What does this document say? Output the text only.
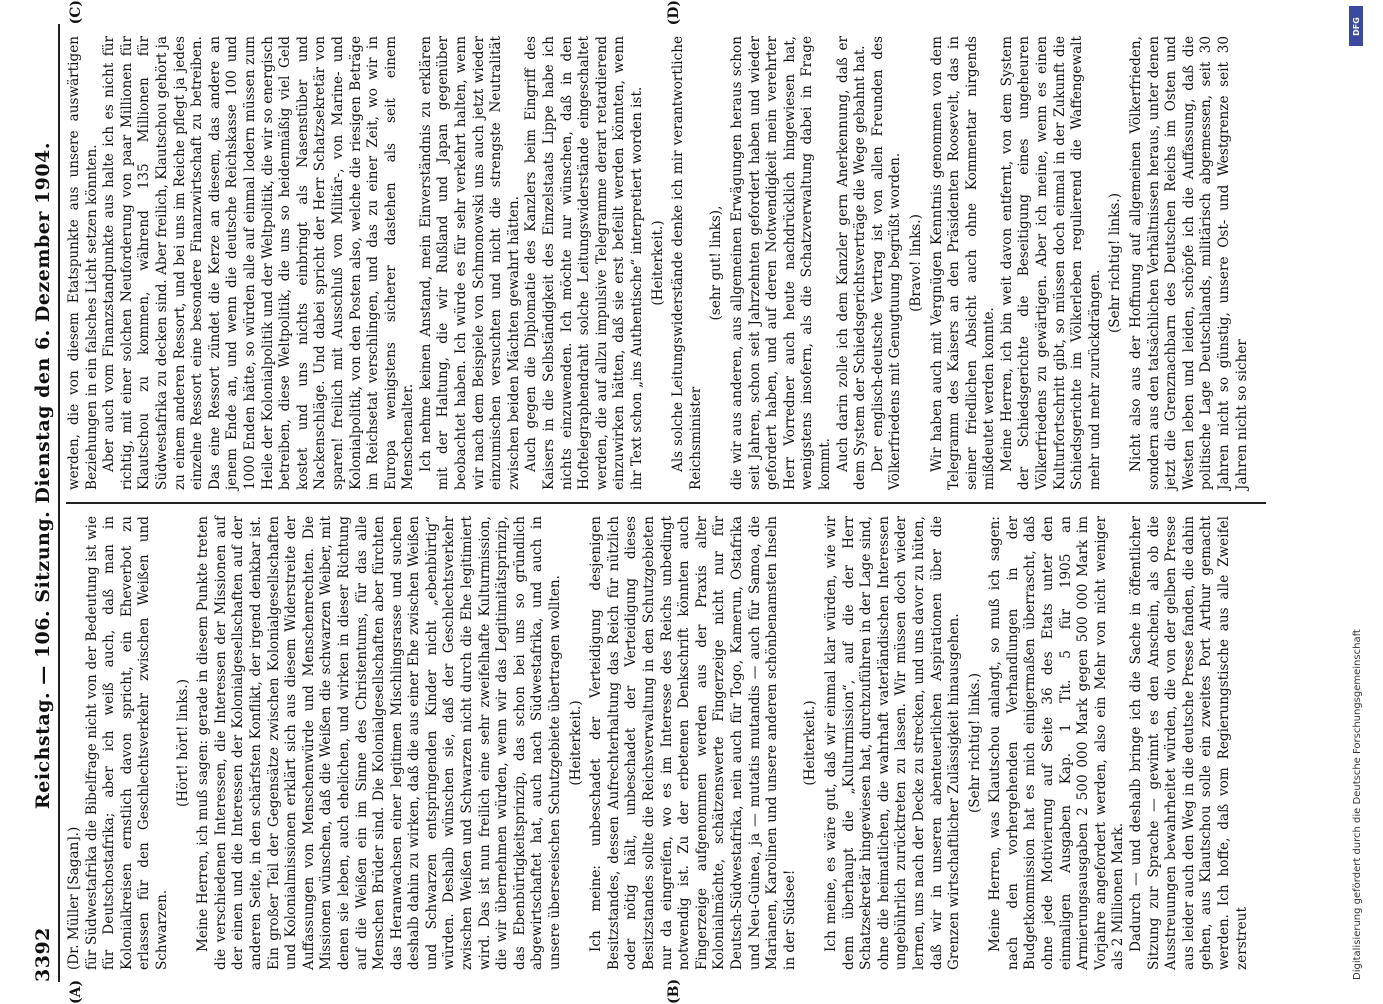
3392
Reichstag. — 106. Sitzung. Dienstag den 6. Dezember 1904.
(A)	(B)

(Dr. Müller [Sagan].) für Südwestafrika die Bibelfrage nicht von der Bedeutung ist wie für Deutschostafrika; aber ich weiß auch, daß man in Kolonialkreisen ernstlich davon spricht, ein Eheverbot zu erlassen für den Geschlechtsverkehr zwischen Weißen und Schwarzen.

(Hört! hört! links.) Meine Herren, ich muß sagen: gerade in diesem Punkte treten die verschiedenen Interessen, die Interessen der Missionen auf der einen und die Interessen der Kolonialgesellschaften auf der anderen Seite, in den schärfsten Konflikt, der irgend denkbar ist. Ein großer Teil der Gegensätze zwischen Kolonialgesellschaften und Kolonialmissionen erklärt sich aus diesem Widerstreite der Auffassungen von Menschenwürde und Menschenrechten. Die Missionen wünschen, daß die Weißen die schwarzen Weiber, mit denen sie leben, auch ehelichen, und wirken in dieser Richtung auf die Weißen ein im Sinne des Christentums, für das alle Menschen Brüder sind. Die Kolonialgesellschaften aber fürchten das Heranwachsen einer legitimen Mischlingsrasse und suchen deshalb dahin zu wirken, daß die aus einer Ehe zwischen Weißen und Schwarzen entspringenden Kinder nicht „ebenbürtig“ würden. Deshalb wünschen sie, daß der Geschlechtsverkehr zwischen Weißen und Schwarzen nicht durch die Ehe legitimiert wird. Das ist nun freilich eine sehr zweifelhafte Kulturmission, die wir übernehmen würden, wenn wir das Legitimitätsprinzip, das Ebenbürtigkeitsprinzip, das schon bei uns so gründlich abgewirtschaftet hat, auch nach Südwestafrika, und auch in unsere überseeischen Schutzgebiete übertragen wollten. (Heiterkeit.) Ich meine: unbeschadet der Verteidigung desjenigen Besitzstandes, dessen Aufrechterhaltung das Reich für nützlich oder nötig hält, unbeschadet der Verteidigung dieses Besitzstandes sollte die Reichsverwaltung in den Schutzgebieten nur da eingreifen, wo es im Interesse des Reichs unbedingt notwendig ist. Zu der erbetenen Denkschrift könnten auch Fingerzeige aufgenommen werden aus der Praxis alter Kolonialmächte, schätzenswerte Fingerzeige nicht nur für Deutsch-Südwestafrika, nein auch für Togo, Kamerun, Ostafrika und Neu-Guinea, ja — mutatis mutandis — auch für Samoa, die Marianen, Karolinen und unsere anderen schönbenamsten Inseln in der Südsee!

(Heiterkeit.) Ich meine, es wäre gut, daß wir einmal klar würden, wie wir denn überhaupt die „Kulturmission“, auf die der Herr Schatzsekretär hingewiesen hat, durchzuführen in der Lage sind, ohne die heimatlichen, die wahrhaft vaterländischen Interessen ungebührlich zurücktreten zu lassen. Wir müssen doch wieder lernen, uns nach der Decke zu strecken, und uns davor zu hüten, daß wir in unseren abenteuerlichen Aspirationen über die Grenzen wirtschaftlicher Zulässigkeit hinausgehen. (Sehr richtig! links.) Meine Herren, was Klautschou anlangt, so muß ich sagen: nach den vorhergehenden Verhandlungen in der Budgetkommission hat es mich einigermaßen überrascht, daß ohne jede Motivierung auf Seite 36 des Etats unter den einmaligen Ausgaben Kap. 1 Tit. 5 für 1905 an Armierungsausgaben 2 500 000 Mark gegen 500 000 Mark im Vorjahre angefordert werden, also ein Mehr von nicht weniger als 2 Millionen Mark. Dadurch — und deshalb bringe ich die Sache in öffentlicher Sitzung zur Sprache — gewinnt es den Anschein, als ob die Ausstreuungen bewahrheitet würden, die von der gelben Presse aus leider auch den Weg in die deutsche Presse fanden, die dahin gehen, aus Klautschou solle ein zweites Port Arthur gemacht werden. Ich hoffe, daß vom Regierungstische aus alle Zweifel zerstreut

(C)	(D)

werden, die von diesem Etatspunkte aus unsere auswärtigen Beziehungen in ein falsches Licht setzen könnten. Aber auch vom Finanzstandpunkte aus halte ich es nicht für richtig, mit einer solchen Neuforderung von paar Millionen für Klautschou zu kommen, während 135 Millionen für Südwestafrika zu decken sind. Aber freilich, Klautschou gehört ja zu einem anderen Ressort, und bei uns im Reiche pflegt ja jedes einzelne Ressort eine besondere Finanzwirtschaft zu betreiben. Das eine Ressort zündet die Kerze an diesem, das andere an jenem Ende an, und wenn die deutsche Reichskasse 100 und 1000 Enden hätte, so würden alle auf einmal lodern müssen zum Heile der Kolonialpolitik und der Weltpolitik, die wir so energisch betreiben, diese Weltpolitik, die uns so heidenmäßig viel Geld kostet und uns nichts einbringt als Nasenstüber und Nackenschläge. Und dabei spricht der Herr Schatzsekretär von sparen! freilich mit Ausschluß von Militär-, von Marine- und Kolonialpolitik, von den Posten also, welche die riesigen Beträge im Reichsetat verschlingen, und das zu einer Zeit, wo wir in Europa wenigstens sicherer dastehen als seit einem Menschenalter. Ich nehme keinen Anstand, mein Einverständnis zu erklären mit der Haltung, die wir Rußland und Japan gegenüber beobachtet haben. Ich würde es für sehr verkehrt halten, wenn wir nach dem Beispiele von Schmonowski uns auch jetzt wieder einzumischen versuchten und nicht die strengste Neutralität zwischen beiden Mächten gewahrt hätten. Auch gegen die Diplomatie des Kanzlers beim Eingriff des Kaisers in die Selbständigkeit des Einzelstaats Lippe habe ich nichts einzuwenden. Ich möchte nur wünschen, daß in den Hoftelegraphendraht solche Leitungswiderstände eingeschaltet werden, die auf allzu impulsive Telegramme derart retardierend einzuwirken hätten, daß sie erst befeilt werden könnten, wenn ihr Text schon „ins Authentische“ interpretiert worden ist. (Heiterkeit.) Als solche Leitungswiderstände denke ich mir verantwortliche Reichsminister

(sehr gut! links), die wir aus anderen, aus allgemeinen Erwägungen heraus schon seit Jahren, schon seit Jahrzehnten gefordert haben und wieder gefordert haben, und auf deren Notwendigkeit mein verehrter Herr Vorredner auch heute nachdrücklich hingewiesen hat, wenigstens insofern, als die Schatzverwaltung dabei in Frage kommt. Auch darin zolle ich dem Kanzler gern Anerkennung, daß er dem System der Schiedsgerichtsverträge die Wege gebahnt hat. Der englisch-deutsche Vertrag ist von allen Freunden des Völkerfriedens mit Genugtuung begrüßt worden. (Bravo! links.) Wir haben auch mit Vergnügen Kenntnis genommen von dem Telegramm des Kaisers an den Präsidenten Roosevelt, das in seiner friedlichen Absicht auch ohne Kommentar nirgends mißdeutet werden konnte. Meine Herren, ich bin weit davon entfernt, von dem System der Schiedsgerichte die Beseitigung eines ungeheuren Völkerfriedens zu gewärtigen. Aber ich meine, wenn es einen Kulturfortschritt gibt, so müssen doch einmal in der Zukunft die Schiedsgerichte im Völkerleben regulierend die Waffengewalt mehr und mehr zurückdrängen.

(Sehr richtig! links.) Nicht also aus der Hoffnung auf allgemeinen Völkerfrieden, sondern aus den tatsächlichen Verhältnissen heraus, unter denen jetzt die Grenznachbarn des Deutschen Reichs im Osten und Westen leben und leiden, schöpfe ich die Auffassung, daß die politische Lage Deutschlands, militärisch abgemessen, seit 30 Jahren nicht so günstig, unsere Ost- und Westgrenze seit 30 Jahren nicht so sicher

DFG
Digitalisierung gefördert durch die Deutsche Forschungsgemeinschaft
